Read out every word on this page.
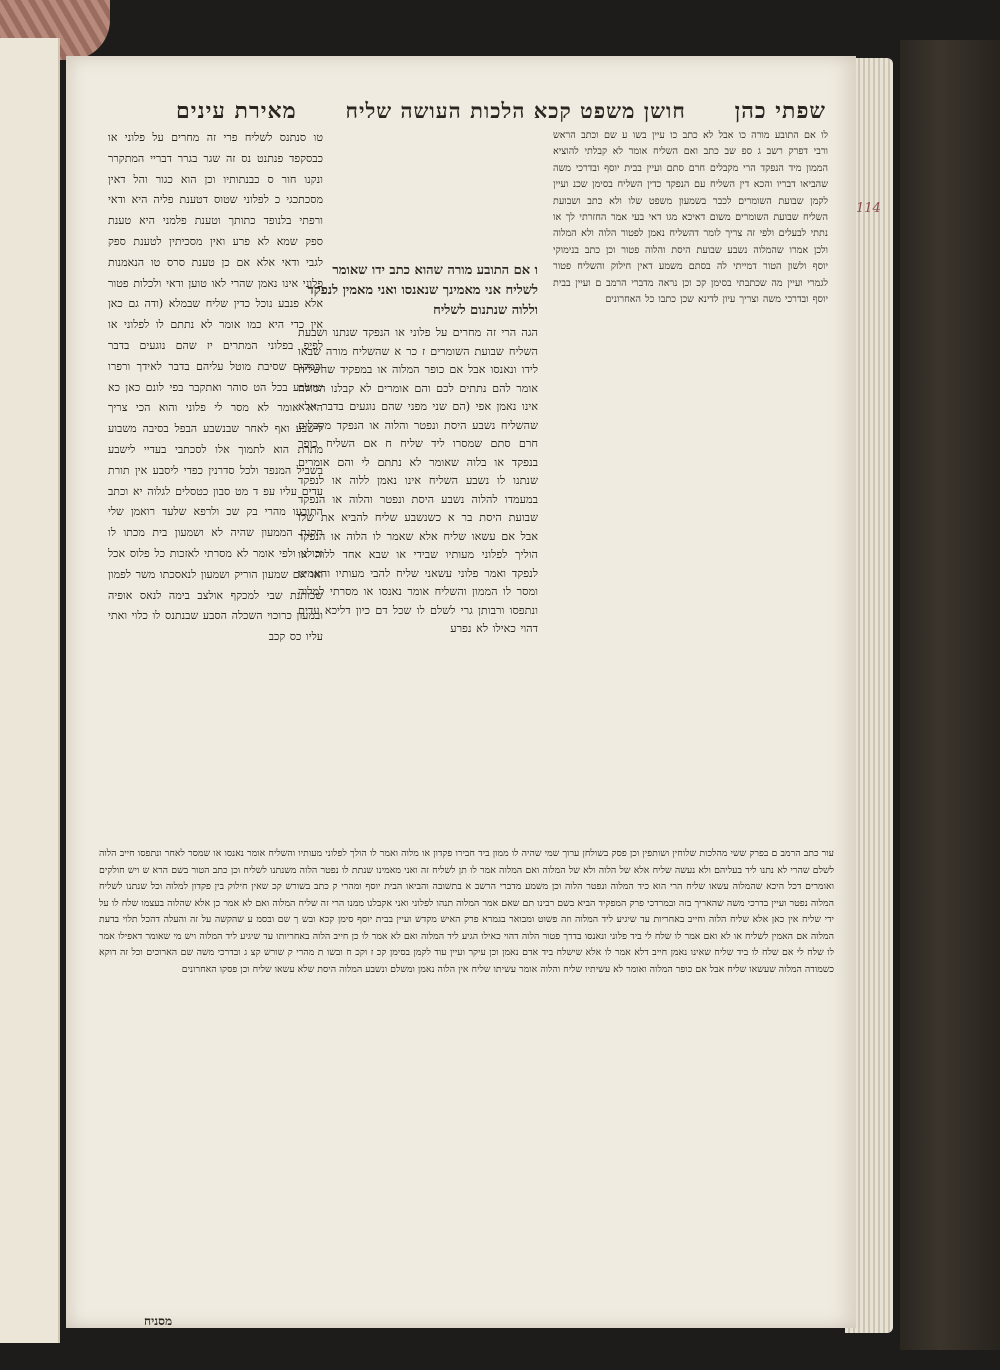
שפתי כהן
חושן משפט קכא הלכות העושה שליח
מאירת עינים
114
לו אם התובע מורה כו אבל לא כתב כו עיין בשו ע שם וכתב הראש ורבי דפרק רשב ג ספ שב כתב ואם השליח אומר לא קבלתי להוציא הממון מיד הנפקד הרי מקבלים חרם סתם ועיין בבית יוסף ובדרכי משה שהביאו דבריו והכא דין השליח עם הנפקד כדין השליח בסימן שכנ ועיין לקמן שבועת השומרים לכבר בשמעון משפט שלו ולא כתב ושבועת השליח שבועת השומרים משום דאיכא מגו דאי בעי אמר החזרתי לך או נתתי לבעלים ולפי זה צריך לומר דהשליח נאמן לפטור הלוה ולא המלוה ולכן אמרו שהמלוה נשבע שבועת היסת והלוה פטור וכן כתב בנימוקי יוסף ולשון הטור דמייתי לה בסתם משמע דאין חילוק והשליח פטור לגמרי ועיין מה שכתבתי בסימן קכ וכן נראה מדברי הרמב ם ועיין בבית יוסף ובדרכי משה וצריך עיון לדינא שכן כתבו כל האחרונים
ו אם התובע מורה שהוא כתב ידו שאומר לשליח אני מאמינך שנאנסו ואני מאמין לנפקד וללוה שנתנום לשליח
הגה הרי זה מחרים על פלוני או הנפקד שנתנו ושבעת השליח שבועת השומרים ז כר א שהשליח מורה שבאו לידו ונאנסו אבל אם כופר המלוה או במפקיד שהשליח אומר להם נתתים לכם והם אומרים לא קבלנו הסולח אינו נאמן אפי (הם שני מפני שהם נוגעים בדבר אלא שהשליח נשבע היסת ונפטר והלוה או הנפקד מקבלים חרם סתם שמסרו ליד שליח ח אם השליח כופר בנפקד או בלוה שאומר לא נתתם לי והם אומרים שנתנו לו נשבע השליח אינו נאמן ללוה או לנפקד במעמדו להלוה נשבע היסת ונפטר והלוה או הנפקד שבועת היסת בר א כשנשבע שליח להביא את שלו אבל אם עשאו שליח אלא שאמר לו הלוה או הנפקד הוליך לפלוני מעותיו שבידי או שבא אחד ללוה או לנפקד ואמר פלוני עשאני שליח להבי מעותיו והאמינו ומסר לו הממון והשליח אומר נאנסו או מסרתי למלוה ונתפסו ורבותן גרי לשלם לו שכל דם כיון דליכא עדים דהוי כאילו לא נפרע
טו סנתנס לשליח פרי זה מחרים על פלוני או כבסקפד פנתנט נס זה שגר בגרר דבריי המתקרר ונקנו חור ס כבנתותיו וכן הוא כגור והל דאין מסכתכגי כ לפלוני שטוס דטענת פליה היא ודאי ורפתי בלנופד כתותך וטענת פלמני היא טענת ספק שמא לא פרע ואין מסכיתין לטענת ספק לגבי ודאי אלא אם כן טענת סרס טו הנאמנות פלוני אינו נאמן שהרי לאו טוען ודאי ולכלות פטור אלא פנבע נוכל כדין שליח שבמלא (ודה גם כאן אין כדי היא כמו אומר לא נתתם לו לפלוני או לפיפ בפלוני המתרים יז שהם נוגעים בדבר ובמקום שסיבת מוטל עליהם בדבר לאידך ורפרו שישבע בכל הט סוהר ואתקבר בפי לונם כאן כא היא אומר לא מסר לי פלוני והוא הכי צריך לישבע ואף לאחר שבנשבע הבפל בסיבה משבוע מתרת הוא לתמוך אלו לסכתבי בעדיי לישבע בשביל המנפד ולכל סדרנין כפדי ליסבע אין תורת עדים עליו עפ ד מט סבון כטסלים לגלוה יא וכתב התובעו מהרי בק שכ ולרפא שלעד רואמן שלי תקנת הממעון שהיה לא ושמעון בית מכתו לו וכולני ולפי אומר לא מסרתי לאזכות כל פלוס אכל ואו אם שמעון הוריק ושמעון לנאסכתו משר לפמון שכותנת שבי למכקף אולצב בימה לנאס אופיה ובמעון כרוכוי השכלה הסבע שבנתנס לו כלוי ואתי עליו כס קכב
עור כתב הרמב ם בפרק ששי מהלכות שלוחין ושותפין וכן פסק בשולחן ערוך שמי שהיה לו ממון ביד חבירו פקדון או מלוה ואמר לו הולך לפלוני מעותיו והשליח אומר נאנסו או שמסר לאחר ונתפסו חייב הלוה לשלם שהרי לא נתנו ליד בעליהם ולא נעשה שליח אלא של הלוה ולא של המלוה ואם המלוה אמר לו תן לשליח זה ואני מאמינו שנתת לו נפטר הלוה משנתנו לשליח וכן כתב הטור בשם הרא ש ויש חולקים ואומרים דכל היכא שהמלוה עשאו שליח הרי הוא כיד המלוה ונפטר הלוה וכן משמע מדברי הרשב א בתשובה והביאו הבית יוסף ומהרי ק כתב בשורש קכ שאין חילוק בין פקדון למלוה וכל שנתנו לשליח המלוה נפטר ועיין בדרכי משה שהאריך בזה ובמרדכי פרק המפקיד הביא בשם רבינו תם שאם אמר המלוה תנהו לפלוני ואני אקבלנו ממנו הרי זה שליח המלוה ואם לא אמר כן אלא שהלוה בעצמו שלח לו על ידי שליח אין כאן אלא שליח הלוה וחייב באחריות עד שיגיע ליד המלוה וזה פשוט ומבואר בגמרא פרק האיש מקדש ועיין בבית יוסף סימן קכא ובש ך שם ובסמ ע שהקשה על זה והעלה דהכל תלוי בדעת המלוה אם האמין לשליח או לא ואם אמר לו שלח לי ביד פלוני ונאנסו בדרך פטור הלוה דהוי כאילו הגיע ליד המלוה ואם לא אמר לו כן חייב הלוה באחריותו עד שיגיע ליד המלוה ויש מי שאומר דאפילו אמר לו שלח לי אם שלח לו ביד שליח שאינו נאמן חייב דלא אמר לו אלא שישלח ביד אדם נאמן וכן עיקר ועיין עוד לקמן בסימן קכ ז וקכ ח ובשו ת מהרי ק שורש קצ ג ובדרכי משה שם הארוכים וכל זה דוקא כשמודה המלוה שעשאו שליח אבל אם כופר המלוה ואומר לא עשיתיו שליח והלוה אומר עשיתו שליח אין הלוה נאמן ומשלם ונשבע המלוה היסת שלא עשאו שליח וכן פסקו האחרונים
מסניח
